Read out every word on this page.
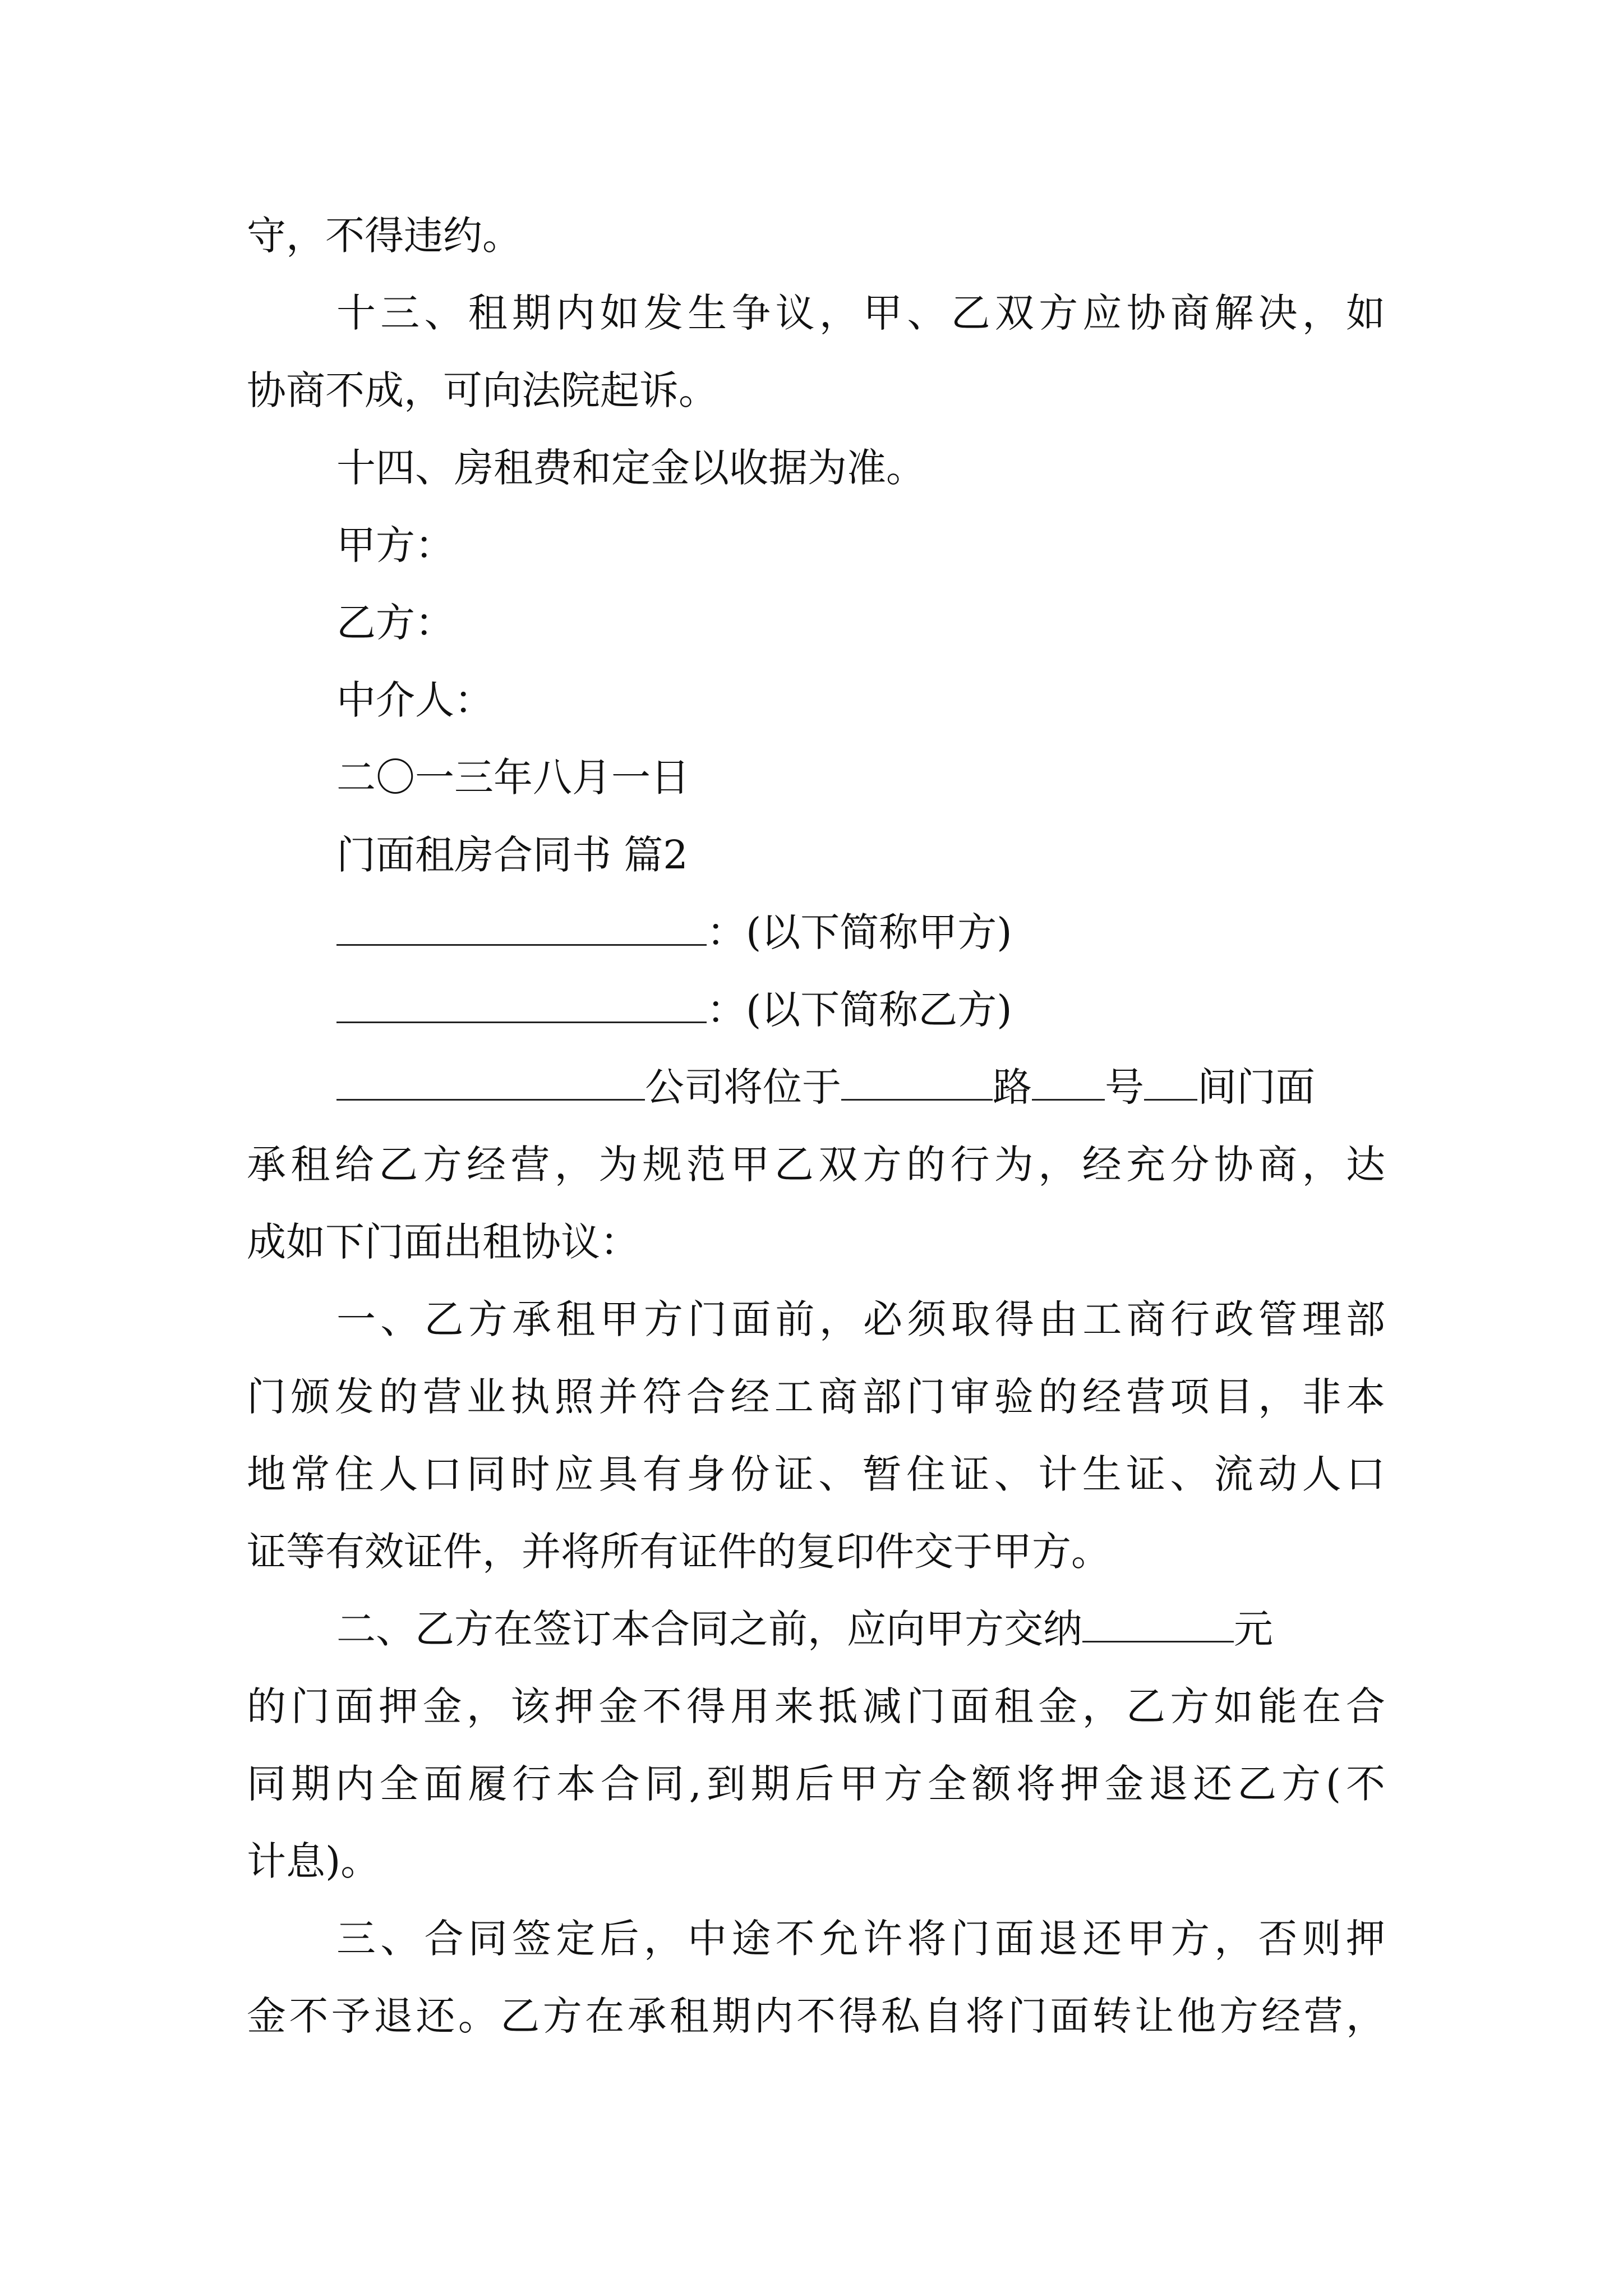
守，不得违约。
十三、租期内如发生争议，甲、乙双方应协商解决，如
协商不成，可向法院起诉。
十四、房租费和定金以收据为准。
甲方：
乙方：
中介人：
二〇一三年八月一日
门面租房合同书 篇2
：(以下简称甲方)
：(以下简称乙方)
公司将位于	路 号 间门面
承租给乙方经营，为规范甲乙双方的行为，经充分协商，达
成如下门面出租协议：
一、乙方承租甲方门面前，必须取得由工商行政管理部
门颁发的营业执照并符合经工商部门审验的经营项目，非本
地常住人口同时应具有身份证、暂住证、计生证、流动人口
证等有效证件，并将所有证件的复印件交于甲方。
二、乙方在签订本合同之前，应向甲方交纳	元
的门面押金，该押金不得用来抵减门面租金，乙方如能在合
同期内全面履行本合同,到期后甲方全额将押金退还乙方(不
计息)。
三、合同签定后，中途不允许将门面退还甲方，否则押
金不予退还。乙方在承租期内不得私自将门面转让他方经营，
